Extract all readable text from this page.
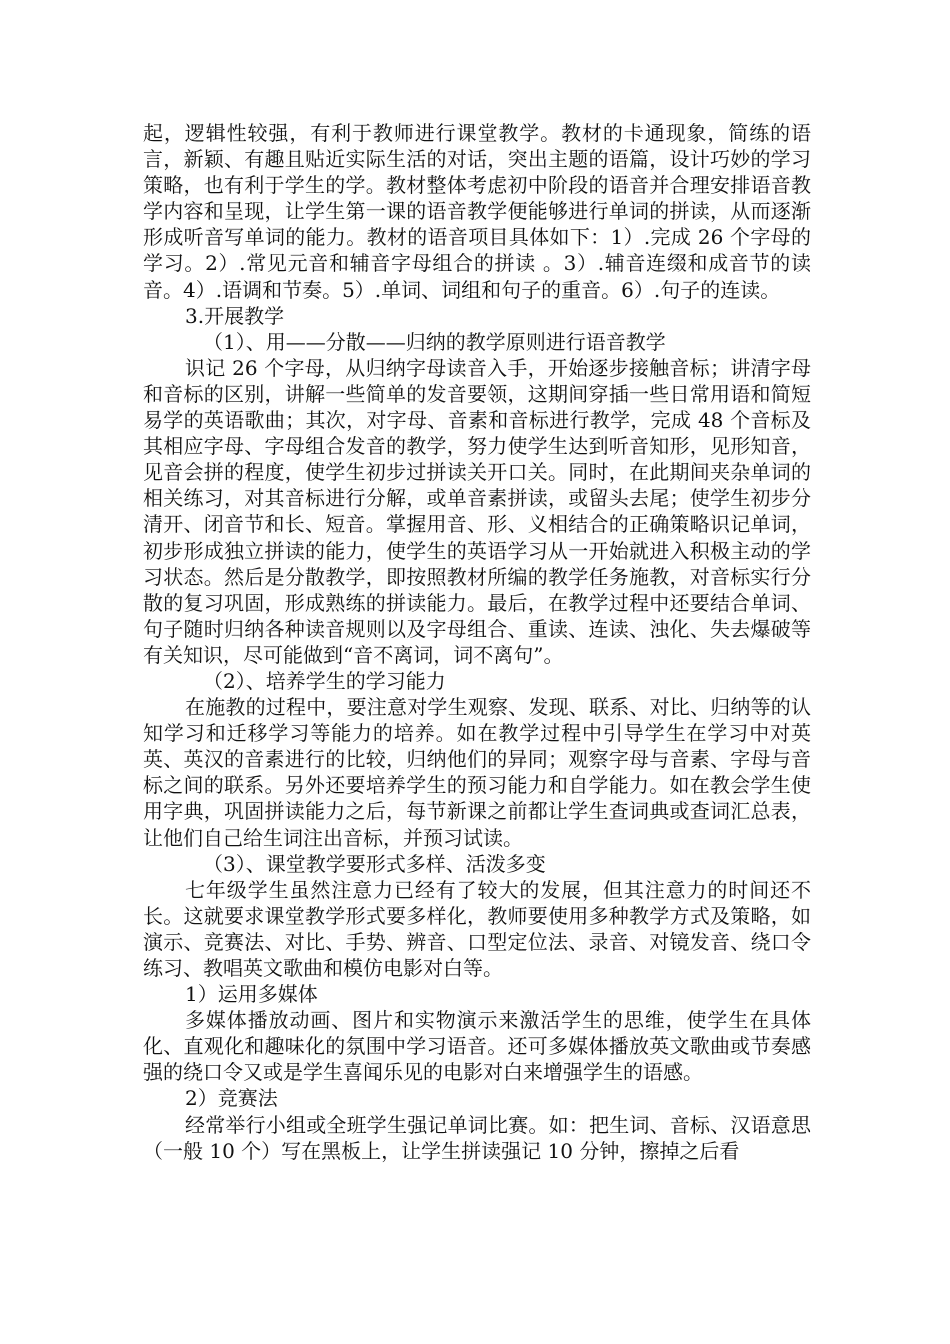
起，逻辑性较强，有利于教师进行课堂教学。教材的卡通现象，简练的语言，新颖、有趣且贴近实际生活的对话，突出主题的语篇，设计巧妙的学习策略，也有利于学生的学。教材整体考虑初中阶段的语音并合理安排语音教学内容和呈现，让学生第一课的语音教学便能够进行单词的拼读，从而逐渐形成听音写单词的能力。教材的语音项目具体如下：1）.完成 26 个字母的学习。2）.常见元音和辅音字母组合的拼读 。3）.辅音连缀和成音节的读音。4）.语调和节奏。5）.单词、词组和句子的重音。6）.句子的连读。

3.开展教学

（1）、用——分散——归纳的教学原则进行语音教学

识记 26 个字母，从归纳字母读音入手，开始逐步接触音标；讲清字母和音标的区别，讲解一些简单的发音要领，这期间穿插一些日常用语和简短易学的英语歌曲；其次，对字母、音素和音标进行教学，完成 48 个音标及其相应字母、字母组合发音的教学，努力使学生达到听音知形，见形知音，见音会拼的程度，使学生初步过拼读关开口关。同时，在此期间夹杂单词的相关练习，对其音标进行分解，或单音素拼读，或留头去尾；使学生初步分清开、闭音节和长、短音。掌握用音、形、义相结合的正确策略识记单词，初步形成独立拼读的能力，使学生的英语学习从一开始就进入积极主动的学习状态。然后是分散教学，即按照教材所编的教学任务施教，对音标实行分散的复习巩固，形成熟练的拼读能力。最后，在教学过程中还要结合单词、句子随时归纳各种读音规则以及字母组合、重读、连读、浊化、失去爆破等有关知识，尽可能做到“音不离词，词不离句”。

（2）、培养学生的学习能力

在施教的过程中，要注意对学生观察、发现、联系、对比、归纳等的认知学习和迁移学习等能力的培养。如在教学过程中引导学生在学习中对英英、英汉的音素进行的比较，归纳他们的异同；观察字母与音素、字母与音标之间的联系。另外还要培养学生的预习能力和自学能力。如在教会学生使用字典，巩固拼读能力之后，每节新课之前都让学生查词典或查词汇总表，让他们自己给生词注出音标，并预习试读。

（3）、课堂教学要形式多样、活泼多变

七年级学生虽然注意力已经有了较大的发展，但其注意力的时间还不长。这就要求课堂教学形式要多样化，教师要使用多种教学方式及策略，如演示、竞赛法、对比、手势、辨音、口型定位法、录音、对镜发音、绕口令练习、教唱英文歌曲和模仿电影对白等。

1）运用多媒体

多媒体播放动画、图片和实物演示来激活学生的思维，使学生在具体化、直观化和趣味化的氛围中学习语音。还可多媒体播放英文歌曲或节奏感强的绕口令又或是学生喜闻乐见的电影对白来增强学生的语感。

2）竞赛法

经常举行小组或全班学生强记单词比赛。如：把生词、音标、汉语意思（一般 10 个）写在黑板上，让学生拼读强记 10 分钟，擦掉之后看
